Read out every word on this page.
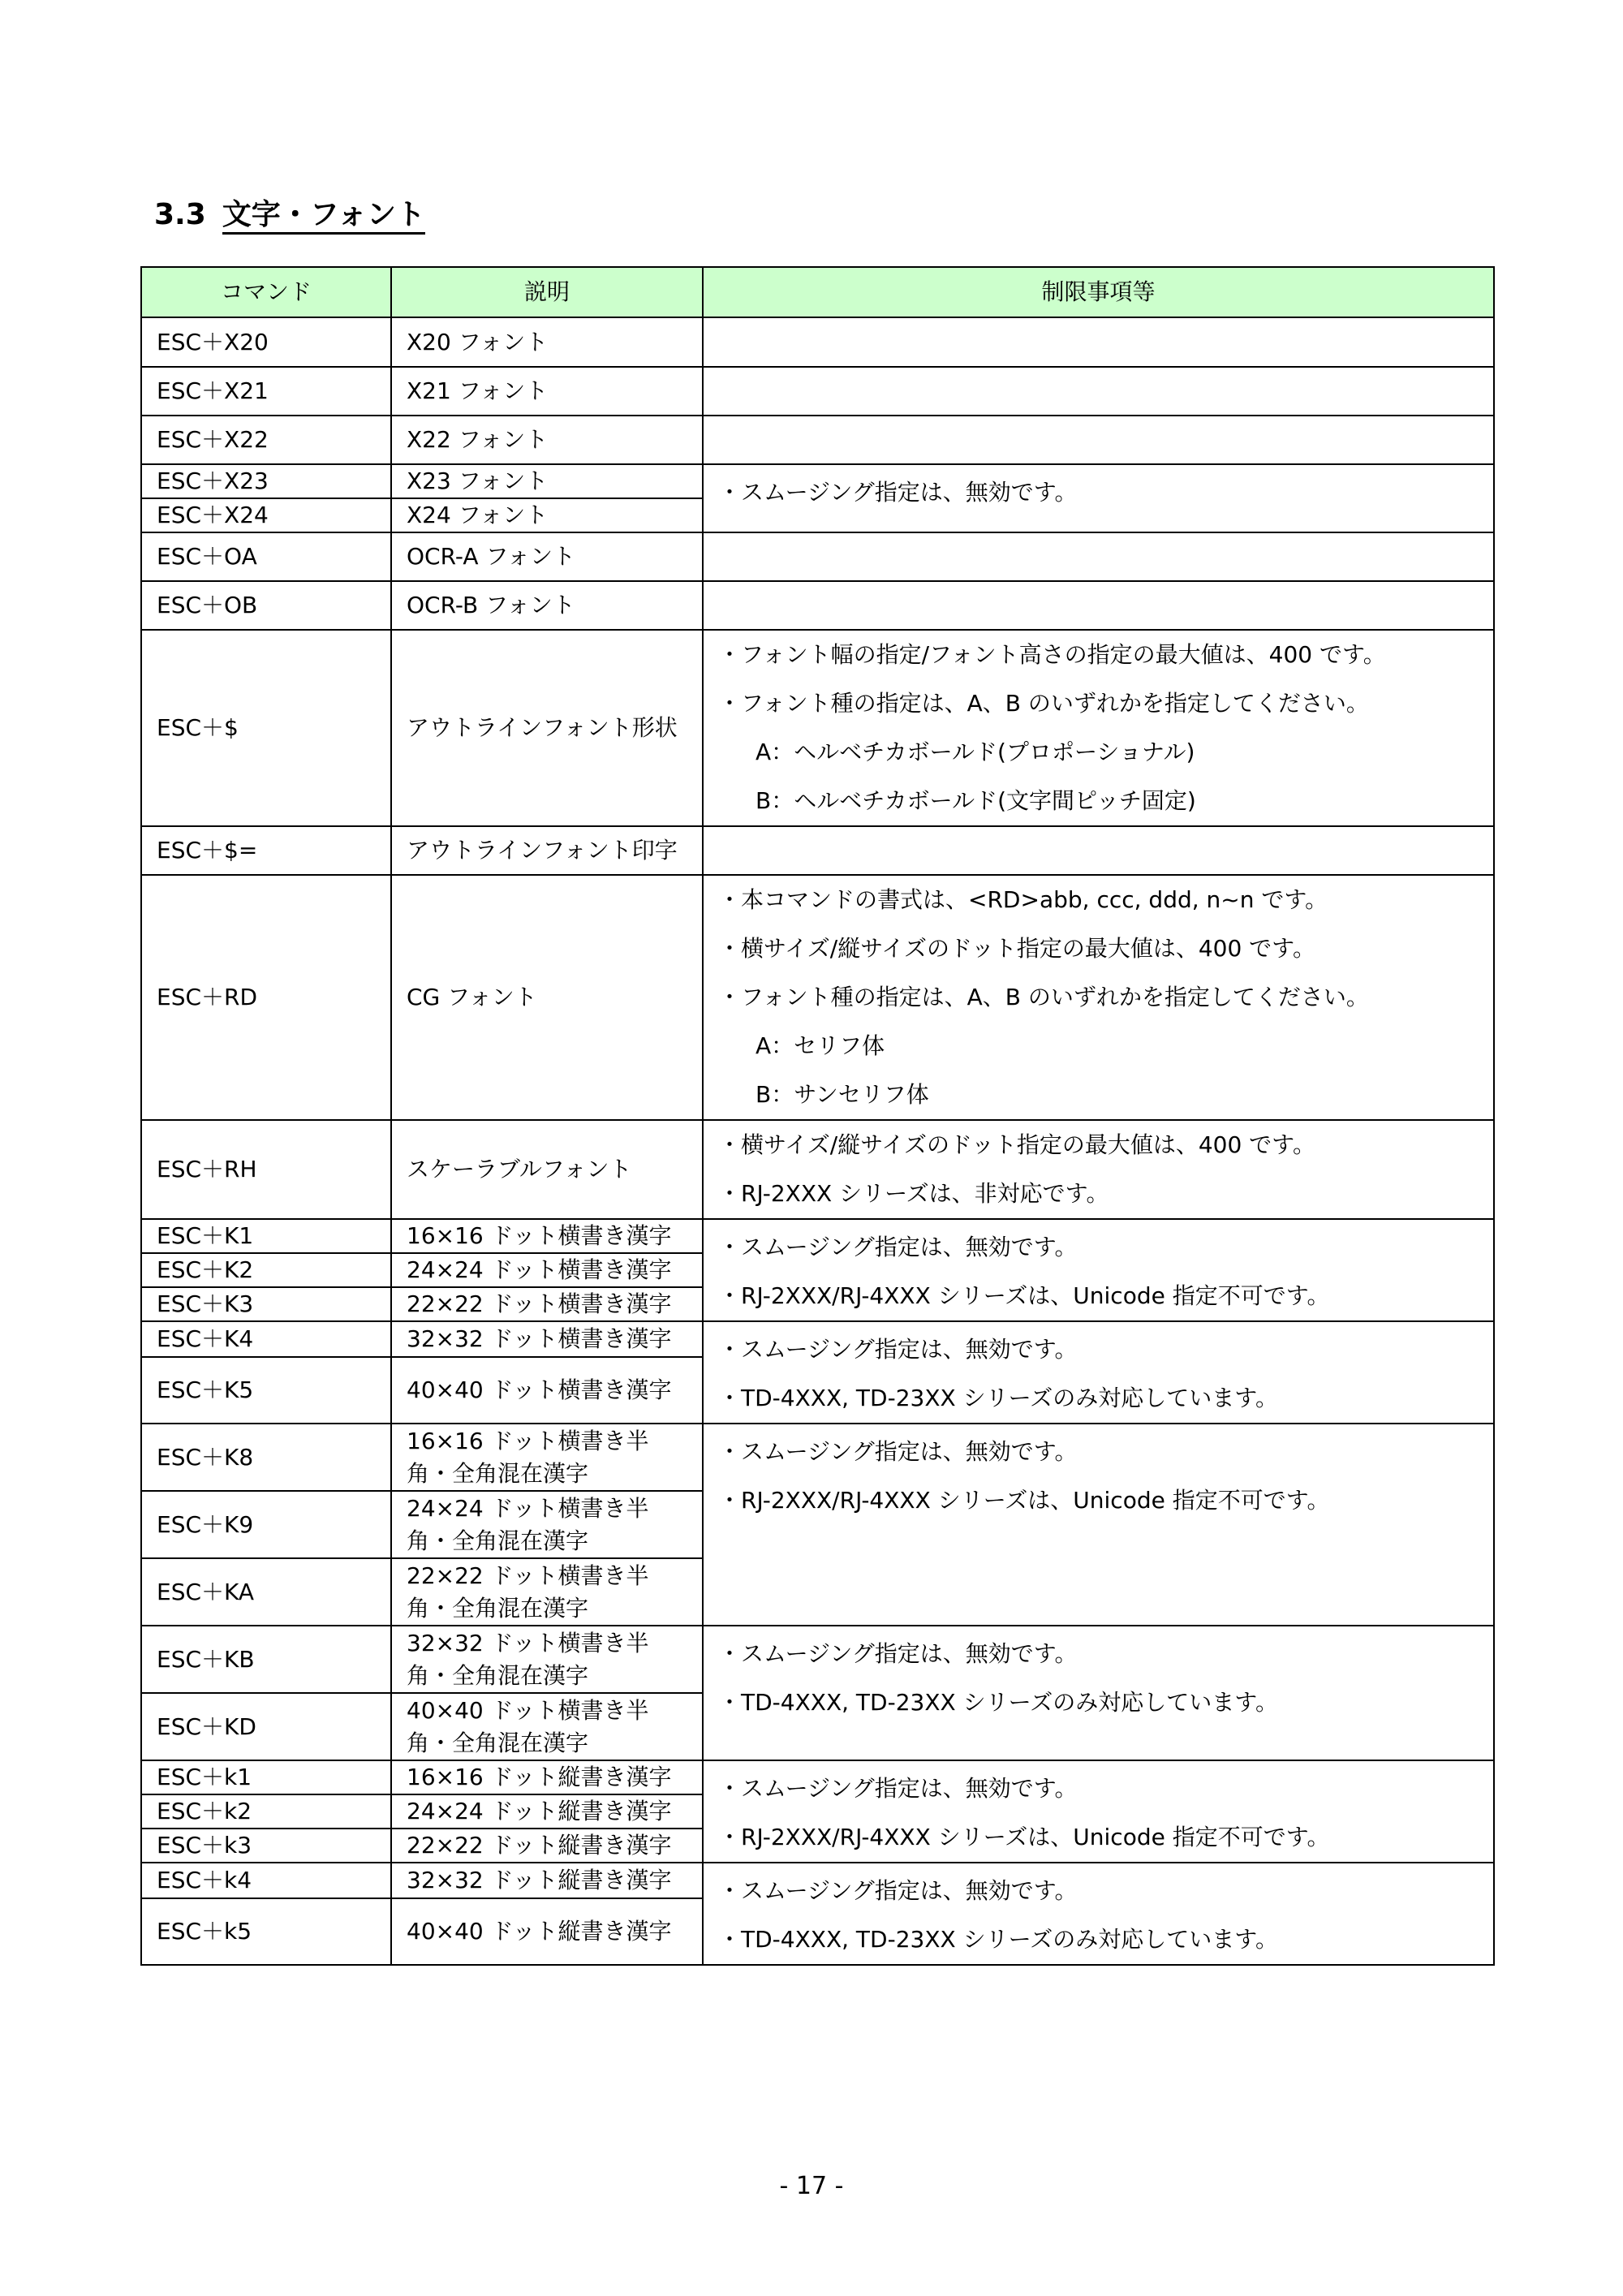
3.3 文字・フォント
コマンド	説明	制限事項等
ESC＋X20	X20 フォント	
ESC＋X21	X21 フォント	
ESC＋X22	X22 フォント	
ESC＋X23	X23 フォント	・スムージング指定は、無効です。

ESC＋X24	X24 フォント	
ESC＋OA	OCR-A フォント	
ESC＋OB	OCR-B フォント	
ESC＋$	アウトラインフォント形状	・フォント幅の指定/フォント高さの指定の最大値は、400 です。
・フォント種の指定は、A、B のいずれかを指定してください。
A：ヘルベチカボールド(プロポーショナル)
B：ヘルベチカボールド(文字間ピッチ固定)

ESC＋$=	アウトラインフォント印字	
ESC＋RD	CG フォント	・本コマンドの書式は、<RD>abb, ccc, ddd, n~n です。
・横サイズ/縦サイズのドット指定の最大値は、400 です。
・フォント種の指定は、A、B のいずれかを指定してください。
A：セリフ体
B：サンセリフ体

ESC＋RH	スケーラブルフォント	・横サイズ/縦サイズのドット指定の最大値は、400 です。
・RJ-2XXX シリーズは、非対応です。

ESC＋K1	16×16 ドット横書き漢字	・スムージング指定は、無効です。
・RJ-2XXX/RJ-4XXX シリーズは、Unicode 指定不可です。

ESC＋K2	24×24 ドット横書き漢字	
ESC＋K3	22×22 ドット横書き漢字	
ESC＋K4	32×32 ドット横書き漢字	・スムージング指定は、無効です。
・TD-4XXX, TD-23XX シリーズのみ対応しています。

ESC＋K5	40×40 ドット横書き漢字	
ESC＋K8	16×16 ドット横書き半角・全角混在漢字	・スムージング指定は、無効です。
・RJ-2XXX/RJ-4XXX シリーズは、Unicode 指定不可です。

ESC＋K9	24×24 ドット横書き半角・全角混在漢字	
ESC＋KA	22×22 ドット横書き半角・全角混在漢字	
ESC＋KB	32×32 ドット横書き半角・全角混在漢字	・スムージング指定は、無効です。
・TD-4XXX, TD-23XX シリーズのみ対応しています。

ESC＋KD	40×40 ドット横書き半角・全角混在漢字	
ESC＋k1	16×16 ドット縦書き漢字	・スムージング指定は、無効です。
・RJ-2XXX/RJ-4XXX シリーズは、Unicode 指定不可です。

ESC＋k2	24×24 ドット縦書き漢字	
ESC＋k3	22×22 ドット縦書き漢字	
ESC＋k4	32×32 ドット縦書き漢字	・スムージング指定は、無効です。
・TD-4XXX, TD-23XX シリーズのみ対応しています。

ESC＋k5	40×40 ドット縦書き漢字	
- 17 -
